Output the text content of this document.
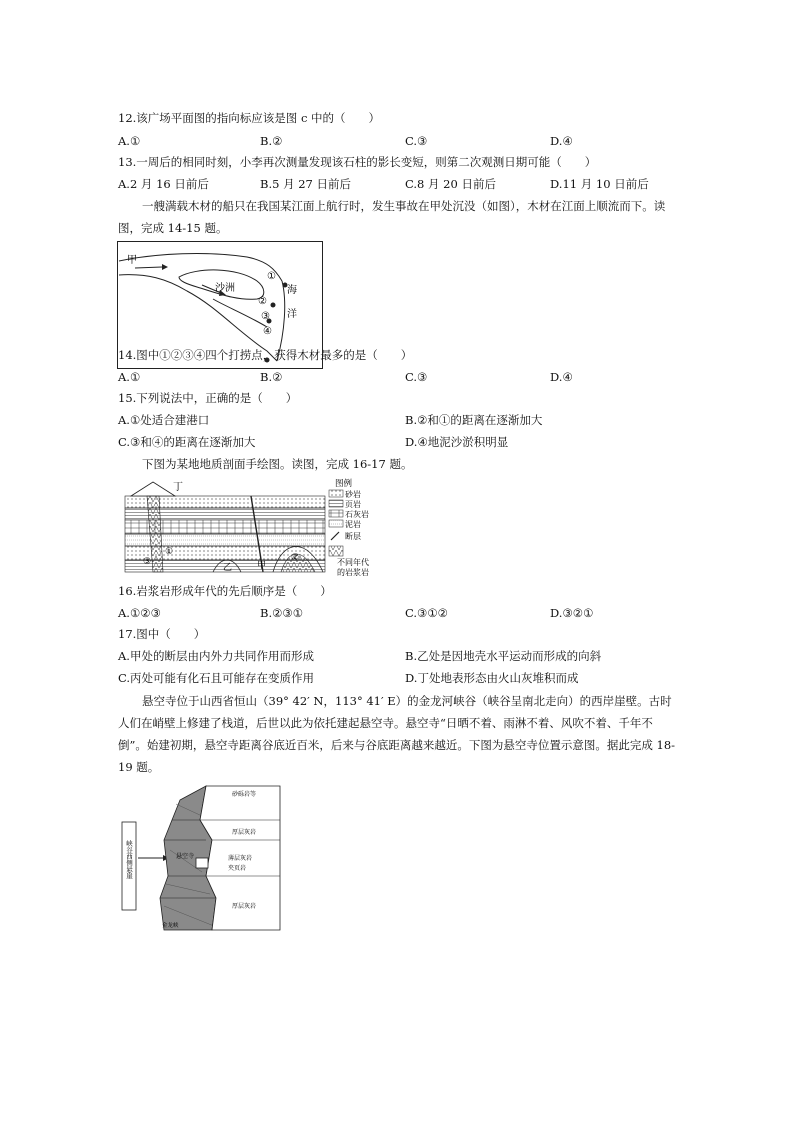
12.该广场平面图的指向标应该是图 c 中的（　　）
A.①	B.②	C.③	D.④
13.一周后的相同时刻，小李再次测量发现该石柱的影长变短，则第二次观测日期可能（　　）
A.2 月 16 日前后	B.5 月 27 日前后	C.8 月 20 日前后	D.11 月 10 日前后
一艘满载木材的船只在我国某江面上航行时，发生事故在甲处沉没（如图），木材在江面上顺流而下。读图，完成 14-15 题。
甲
沙洲	海
洋
①
②
③
④
14.图中①②③④四个打捞点，获得木材最多的是（　　）
A.①	B.②	C.③	D.④
15.下列说法中，正确的是（　　）
A.①处适合建港口	B.②和①的距离在逐渐加大
C.③和④的距离在逐渐加大	D.④地泥沙淤积明显
下图为某地地质剖面手绘图。读图，完成 16-17 题。
丁
甲
乙
①
②
③
图例
砂岩
页岩
石灰岩
泥岩
断层
不同年代
的岩浆岩
16.岩浆岩形成年代的先后顺序是（　　）
A.①②③	B.②③①	C.③①②	D.③②①
17.图中（　　）
A.甲处的断层由内外力共同作用而形成	B.乙处是因地壳水平运动而形成的向斜
C.丙处可能有化石且可能存在变质作用	D.丁处地表形态由火山灰堆积而成
悬空寺位于山西省恒山（39° 42′ N，113° 41′ E）的金龙河峡谷（峡谷呈南北走向）的西岸崖壁。古时人们在峭壁上修建了栈道，后世以此为依托建起悬空寺。悬空寺“日晒不着、雨淋不着、风吹不着、千年不倒”。始建初期，悬空寺距离谷底近百米，后来与谷底距离越来越近。下图为悬空寺位置示意图。据此完成 18-19 题。
峡谷西侧悬崖	悬空寺
砂砾岩等
厚层灰岩
薄层灰岩
夹页岩
厚层灰岩
金龙峡
